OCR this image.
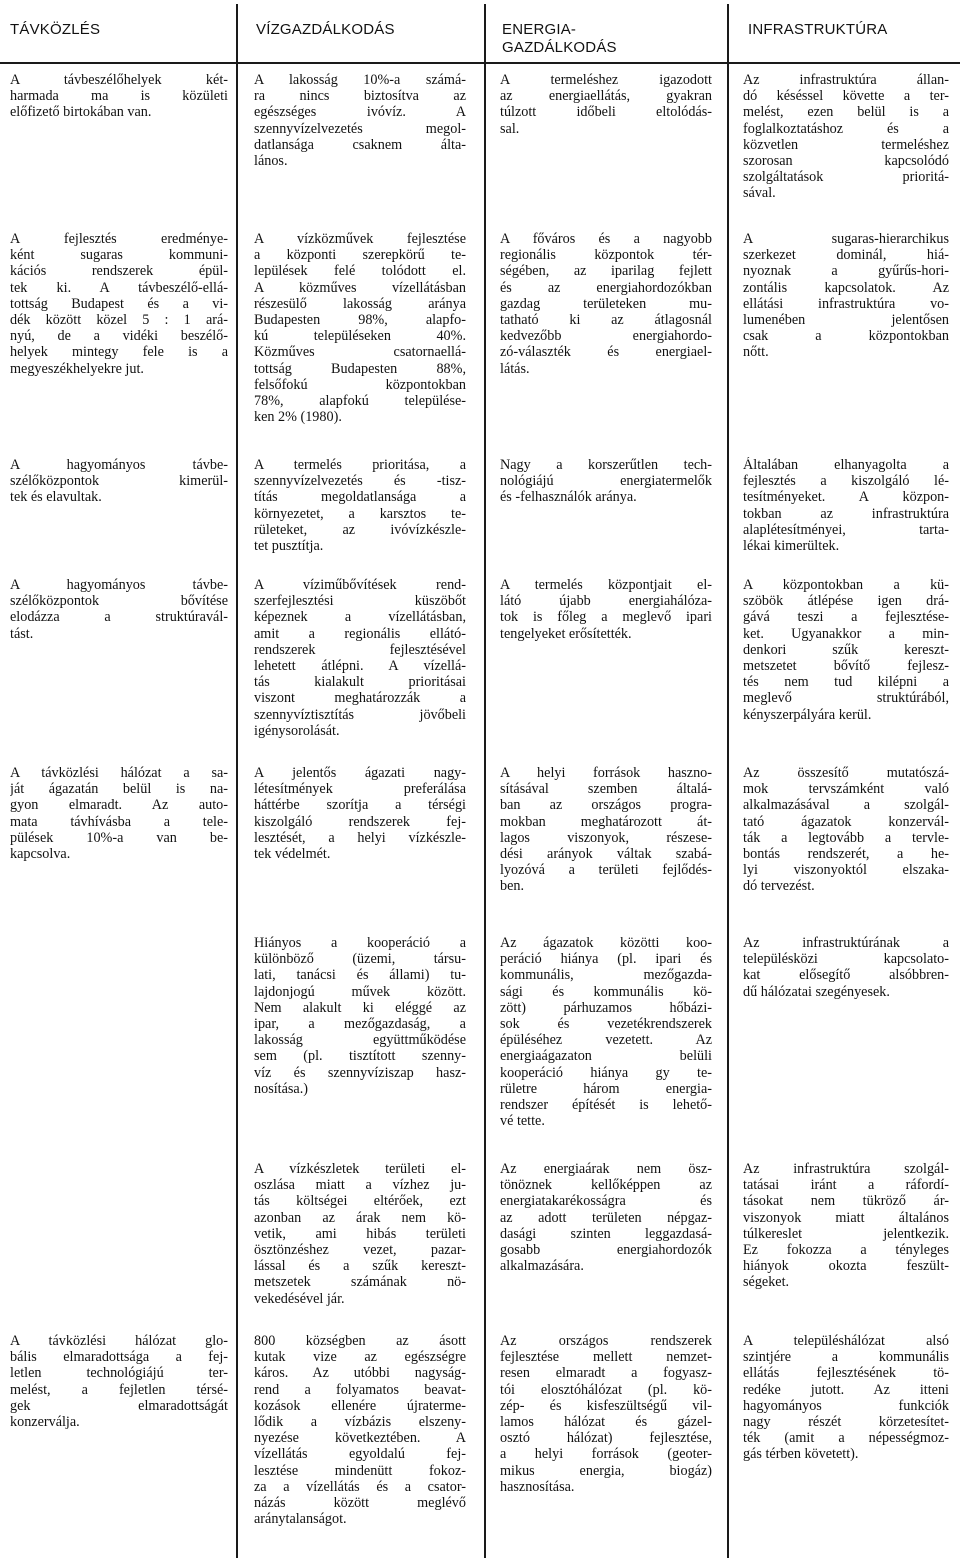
TÁVKÖZLÉS	VÍZGAZDÁLKODÁS	ENERGIA-
GAZDÁLKODÁS
INFRASTRUKTÚRA
A távbeszélőhelyek két-
harmada ma is közületi
előfizető birtokában van.
A lakosság 10%-a számá-
ra nincs biztosítva az
egészséges ivóvíz. A
szennyvízelvezetés megol-
datlansága csaknem álta-
lános.
A termeléshez igazodott
az energiaellátás, gyakran
túlzott időbeli eltolódás-
sal.
Az infrastruktúra állan-
dó késéssel követte a ter-
melést, ezen belül is a
foglalkoztatáshoz és a
közvetlen termeléshez
szorosan kapcsolódó
szolgáltatások prioritá-
sával.
A fejlesztés eredménye-
ként sugaras kommuni-
kációs rendszerek épül-
tek ki. A távbeszélő-ellá-
tottság Budapest és a vi-
dék között közel 5 : 1 ará-
nyú, de a vidéki beszélő-
helyek mintegy fele is a
megyeszékhelyekre jut.
A vízközművek fejlesztése
a központi szerepkörű te-
lepülések felé tolódott el.
A közműves vízellátásban
részesülő lakosság aránya
Budapesten 98%, alapfo-
kú településeken 40%.
Közműves csatornaellá-
tottság Budapesten 88%,
felsőfokú központokban
78%, alapfokú települése-
ken 2% (1980).
A főváros és a nagyobb
regionális központok tér-
ségében, az iparilag fejlett
és az energiahordozókban
gazdag területeken mu-
tatható ki az átlagosnál
kedvezőbb energiahordo-
zó-választék és energiael-
látás.
A sugaras-hierarchikus
szerkezet dominál, hiá-
nyoznak a gyűrűs-hori-
zontális kapcsolatok. Az
ellátási infrastruktúra vo-
lumenében jelentősen
csak a központokban
nőtt.
A hagyományos távbe-
szélőközpontok kimerül-
tek és elavultak.
A termelés prioritása, a
szennyvízelvezetés és -tisz-
títás megoldatlansága a
környezetet, a karsztos te-
rületeket, az ivóvízkészle-
tet pusztítja.
Nagy a korszerűtlen tech-
nológiájú energiatermelők
és -felhasználók aránya.
Általában elhanyagolta a
fejlesztés a kiszolgáló lé-
tesítményeket. A közpon-
tokban az infrastruktúra
alaplétesítményei, tarta-
lékai kimerültek.
A hagyományos távbe-
szélőközpontok bővítése
elodázza a struktúravál-
tást.
A víziműbővítések rend-
szerfejlesztési küszöbőt
képeznek a vízellátásban,
amit a regionális ellátó-
rendszerek fejlesztésével
lehetett átlépni. A vízellá-
tás kialakult prioritásai
viszont meghatározzák a
szennyvíztisztítás jövőbeli
igénysorolását.
A termelés központjait el-
látó újabb energiahálóza-
tok is főleg a meglevő ipari
tengelyeket erősítették.
A központokban a kü-
szöbök átlépése igen drá-
gává teszi a fejlesztése-
ket. Ugyanakkor a min-
denkori szűk kereszt-
metszetet bővítő fejlesz-
tés nem tud kilépni a
meglevő struktúrából,
kényszerpályára kerül.
A távközlési hálózat a sa-
ját ágazatán belül is na-
gyon elmaradt. Az auto-
mata távhívásba a tele-
pülések 10%-a van be-
kapcsolva.
A jelentős ágazati nagy-
létesítmények preferálása
háttérbe szorítja a térségi
kiszolgáló rendszerek fej-
lesztését, a helyi vízkészle-
tek védelmét.
A helyi források haszno-
sításával szemben általá-
ban az országos progra-
mokban meghatározott át-
lagos viszonyok, részese-
dési arányok váltak szabá-
lyozóvá a területi fejlődés-
ben.
Az összesítő mutatószá-
mok tervszámként való
alkalmazásával a szolgál-
tató ágazatok konzervál-
ták a legtovább a tervle-
bontás rendszerét, a he-
lyi viszonyoktól elszaka-
dó tervezést.
Hiányos a kooperáció a
különböző (üzemi, társu-
lati, tanácsi és állami) tu-
lajdonjogú művek között.
Nem alakult ki eléggé az
ipar, a mezőgazdaság, a
lakosság együttműködése
sem (pl. tisztított szenny-
víz és szennyvíziszap hasz-
nosítása.)
Az ágazatok közötti koo-
peráció hiánya (pl. ipari és
kommunális, mezőgazda-
sági és kommunális kö-
zött) párhuzamos hőbázi-
sok és vezetékrendszerek
épüléséhez vezetett. Az
energiaágazaton belüli
kooperáció hiánya gy te-
rületre három energia-
rendszer építését is lehető-
vé tette.
Az infrastruktúrának a
településközi kapcsolato-
kat elősegítő alsóbbren-
dű hálózatai szegényesek.
A vízkészletek területi el-
oszlása miatt a vízhez ju-
tás költségei eltérőek, ezt
azonban az árak nem kö-
vetik, ami hibás területi
ösztönzéshez vezet, pazar-
lással és a szűk kereszt-
metszetek számának nö-
vekedésével jár.
Az energiaárak nem ösz-
tönöznek kellőképpen az
energiatakarékosságra és
az adott területen népgaz-
dasági szinten leggazdasá-
gosabb energiahordozók
alkalmazására.
Az infrastruktúra szolgál-
tatásai iránt a ráfordí-
tásokat nem tükröző ár-
viszonyok miatt általános
túlkereslet jelentkezik.
Ez fokozza a tényleges
hiányok okozta feszült-
ségeket.
A távközlési hálózat glo-
bális elmaradottsága a fej-
letlen technológiájú ter-
melést, a fejletlen térsé-
gek elmaradottságát
konzerválja.
800 községben az ásott
kutak vize az egészségre
káros. Az utóbbi nagyság-
rend a folyamatos beavat-
kozások ellenére újraterme-
lődik a vízbázis elszeny-
nyezése következtében. A
vízellátás egyoldalú fej-
lesztése mindenütt fokoz-
za a vízellátás és a csator-
názás között meglévő
aránytalanságot.
Az országos rendszerek
fejlesztése mellett nemzet-
resen elmaradt a fogyasz-
tói elosztóhálózat (pl. kö-
zép- és kisfeszültségű vil-
lamos hálózat és gázel-
osztó hálózat) fejlesztése,
a helyi források (geoter-
mikus energia, biogáz)
hasznosítása.
A településhálózat alsó
szintjére a kommunális
ellátás fejlesztésének tö-
redéke jutott. Az itteni
hagyományos funkciók
nagy részét körzetesítet-
ték (amit a népességmoz-
gás térben követett).
